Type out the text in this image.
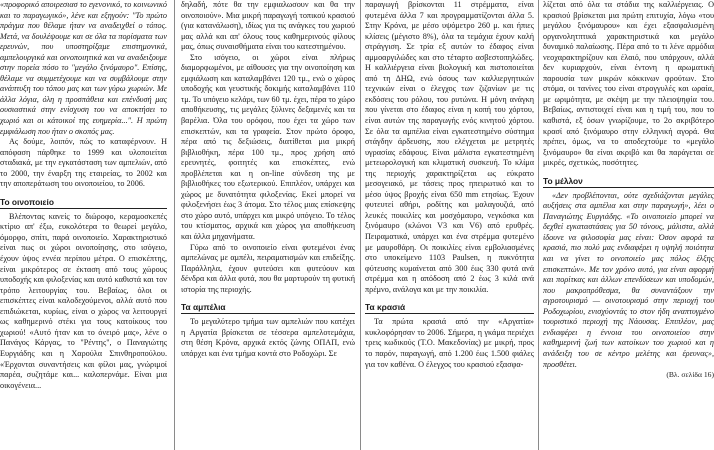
«προφορικό αποιρεσιασ το εγενονικό, το κοινωνικό και το παραγωγικό», λένε και εξηγούν: "Το πρώτο πράγμα που θέλαμε ήταν να αναδειχθεί ο τόπος. Μετά, να δουλέψουμε και σε όλα τα πορίσματα των ερευνών, που υποστηρίξαμε επιστημονικά, αμπελουργικά και οινοποιητικά και να αναδειξουμε στην πορεία πόσο το "μεγάλο ξινόμαυρο". Επίσης, θέλαμε να συμμετέχουμε και να συμβάλουμε στην ανάπτυξη του τόπου μας και των γύρω χωριών. Με άλλα λόγια, όλη η προσπάθεια και επένδυσή μας ουσιαστικά στην ενίσχυση του να αποκτήσει το χωριό και οι κάτοικοί της ευημερία...". Η πρώτη εμφιάλωση που ήταν ο σκοπός μας.

Ας δούμε, λοιπόν, πώς το καταφέρνουν. Η απόφαση πάρθηκε το 1999 και υλοποιείται σταδιακά, με την εγκατάσταση των αμπελιών, από το 2000, την έναρξη της εταιρείας, το 2002 και την αποπεράτωση του οινοποιείου, το 2006.

Το οινοποιείο

Βλέποντας κανείς το διώροφο, κεραμοσκεπές κτίριο απ' έξω, ευκολότερα το θεωρεί μεγάλο, όμορφο, σπίτι, παρά οινοποιείο. Χαρακτηριστικό είναι πως οι χώροι οινοποίησης, στο ισόγειο, έχουν ύψος εννέα περίπου μέτρα. Ο επισκέπτης, είναι μικρότερος σε έκταση από τους χώρους υποδοχής και φιλοξενίας και αυτό καθιστά και τον τρόπο λειτουργίας του. Βεβαίως, όλοι οι επισκέπτες είναι καλοδεχούμενοι, αλλά αυτό που επιδιώκεται, κυρίως, είναι ο χώρος να λειτουργεί ως καθημερινό στέκι για τους κατοίκους του χωριού! «Αυτό ήταν και το όνειρό μας», λένε ο Πανάγος Κάργας, το "Ρέντης", ο Παναγιώτης Ευργιάδης και η Χαρούλα Σπινθηροπούλου. «Έρχονται συναντήσεις και φίλοι μας, γνώριμοί παρέα, συζητάμε και... καλοπερνάμε. Είναι μια οικογένεια...

δηλαδή, πότε θα την εμφιαλωσουν και θα την οινοποιούν». Μια μικρή παραγωγή τοπικού κρασιού (για κατανάλωση), ιδίως για τις ανάγκες του χωριού μας αλλά και απ' όλους τους καθημερινούς φίλους μας, όπως συναισθήματα είναι του κατεστημένου.

Στο ισόγειο, οι χώροι είναι πλήρως διαμορφωμένοι, με αίθουσες για την οινοποίηση και εμφιάλωση και καταλαμβάνει 120 τμ., ενώ ο χώρος υποδοχής και γευστικής δοκιμής καταλαμβάνει 110 τμ. Το υπόγειο κελάρι, των 60 τμ. έχει, πέρα το χώρο αποθήκευσης, τις μεγάλες ξύλινες δεξαμενές και τα βαρέλια. Όλα του ορόφου, που έχει τα χώρο των επισκεπτών, και τα γραφεία. Στον πρώτο όροφο, πέρα από τις δεξιώσεις, διατίθεται μια μικρή βιβλιοθήκη, πέρα 100 τμ., πρoς χρήση από ερευνητές, φοιτητές και επισκέπτες, ενώ προβλέπεται και η on-line σύνδεση της με βιβλιοθήκες του εξωτερικού. Επιπλέον, υπάρχει και χώρος με δυνατότητα φιλοξενίας. Εκεί μπορεί να φιλοξενήσει έως 3 άτομα. Στο τέλος μιας επίσκεψης στο χώρο αυτό, υπάρχει και μικρό υπόγειο. Το τέλος του κτίσματος, αρχικά και χώρος για αποθήκευση και άλλα μηχανήματα.

Γύρω από το οινοποιείο είναι φυτεμένοι ένας αμπελώνας με αμπέλι, πειραματισμών και επιδείξης. Παράλληλα, έχουν φυτεύσει και φυτεύουν και δένδρα και άλλα φυτά, που θα μαρτυρούν τη φυτική ιστορία της περιοχής.

Τα αμπέλια

Το μεγαλύτερο τμήμα των αμπελιών που κατέχει η Αργατία βρίσκεται σε τέσσερα αμπελοτεμάχια, στη θέση Κρόνα, αρχικά εκτός ζώνης ΟΠΑΠ, ενώ υπάρχει και ένα τμήμα κοντά στο Ροδοχώρι. Σε

παραγωγή βρίσκονται 11 στρέμματα, είναι φυτεμένα άλλα 7 και προγραμματίζονται άλλα 5. Στην Κρόνα, με μέσο υψόμετρο 260 μ. και ήπιες κλίσεις (μέγιστο 8%), όλα τα τεμάχια έχουν καλή στράγγιση. Σε τρία εξ αυτών το έδαφος είναι αμμοαργιλώδες και στο τέταρτο ασβεστοπηλώδες. Η καλλιέργεια είναι βιολογική και πιστοποιείται από τη ΔΗΩ, ενώ όσους των καλλιεργητικών τεχνικών είναι ο έλεγχος των ζιζανίων με τις εκδόσεις του ρόλου, του ρυτώνα. Η μόνη ανάγκη που γίνεται στο έδαφος είναι η κοπή του χόρτου, είναι αυτών της παραγωγής ενός κινητού χόρτου. Σε όλα τα αμπέλια είναι εγκατεστημένο σύστημα στάγδην άρδευσης, που ελέγχεται με μετρητές υγρασίας εδάφους. Είναι μάλιστα εγκατεστημένη μετεωρολογική και κλιματική συσκευή. Το κλίμα της περιοχής χαρακτηρίζεται ως εύκρατο μεσογειακό, με τάσεις προς ηπειρωτικό και το μέσο ύψος βροχής είναι 650 mm ετησίως. Έχουν φυτευτεί αθήρι, ροδίτης και μαλαγουζιά, από λευκές ποικιλίες και μοσχόμαυρο, νεγκόσκα και ξινόμαυρο (κλώνοι V3 και V6) από ερυθρές. Πειραματικά, υπάρχει και ένα στρέμμα φυτεμένο με μαυροθάρη. Οι ποικιλίες είναι εμβολιασμένες στο υποκείμενο 1103 Paulsen, η πυκνότητα φύτευσης κυμαίνεται από 300 έως 330 φυτά ανά στρέμμα και η απόδοση από 2 έως 3 κιλά ανά πρέμνο, ανάλογα και με την ποικιλία.

Τα κρασιά

Τα πρώτα κρασιά από την «Αργατία» κυκλοφόρησαν το 2006. Σήμερα, η γκάμα περιέχει τρεις κωδικούς (Τ.Ο. Μακεδονίας) με μικρή, προς το παρόν, παραγωγή, από 1.200 έως 1.500 φιάλες για τον καθένα. Ο έλεγχος του κρασιού εξασφα-

λίζεται από όλα τα στάδια της καλλιέργειας. Ο κρασιού βρίσκεται μια πρώτη επιτυχία, λόγω «του μεγάλου ξινόμαυρου» και έχει εξασφαλισμένη οργανολητπτικά χαρακτηριστικά και μεγάλο δυναμικό παλαίωσης. Πέρα από το τι λένε αρμόδια νεοχαρακτηρίζουν και έλαιό, που υπάρχουν, αλλά δεν κυριαρχούν, είναι έντονη η αρωματική παρουσία των μικρών κόκκινων φρούτων. Στο στόμα, οι τανίνες του είναι στρογγυλές και ωραία, με ωριμότητα, με σκέψη με την πλειοψηφία του. Βεβαίως, αντιστοιχεί είναι και η τιμή του, που το καθιστά, εξ όσων γνωρίζουμε, το 2ο ακριβότερο κρασί από ξινόμαυρο στην ελληνική αγορά. Θα πρέπει, όμως, να το αποδεχτούμε το «μεγάλο ξινόμαυρο» θα είναι ακριβό και θα παράγεται σε μικρές, σχετικώς, ποσότητες.

Το μέλλον

«Δεν προβλέπονται, ούτε σχεδιάζονται μεγάλες αυξήσεις στα αμπέλια και στην παραγωγή», λέει ο Παναγιώτης Ευργιάδης. «Το οινοποιείο μπορεί να δεχθεί εγκαταστάσεις για 50 τόνους, μάλιστα, αλλά ίδουνε να φιλοσοφία μας είναι: Όσον αφορά τα κρασιά, πιο πολύ μας ενδιαφέρει η υψηλή ποιότητα και να γίνει το οινοποιείο μας πόλος έλξης επισκεπτών». Με τον χρόνο αυτό, για είναι αφορμή και πορίτκας και άλλων επενδύσεων και υποδομών, που μακροπρόθεσμα, θα συναντάξουν την αγροτουρισμό — οινοτουρισμό στην περιοχή του Ροδοχωρίου, ενισχύοντάς το στον ήδη αναπτυγμένο τουριστικό περιοχή της Νάουσας. Επιπλέον, μας ενδιαφέρει η έννοια του οινοποιείου στην καθημερινή ζωή των κατοίκων του χωριού και η ανάδειξη του σε κέντρο μελέτης και έρευνας», προσθέτει.

(Βλ. σελίδα 16)
